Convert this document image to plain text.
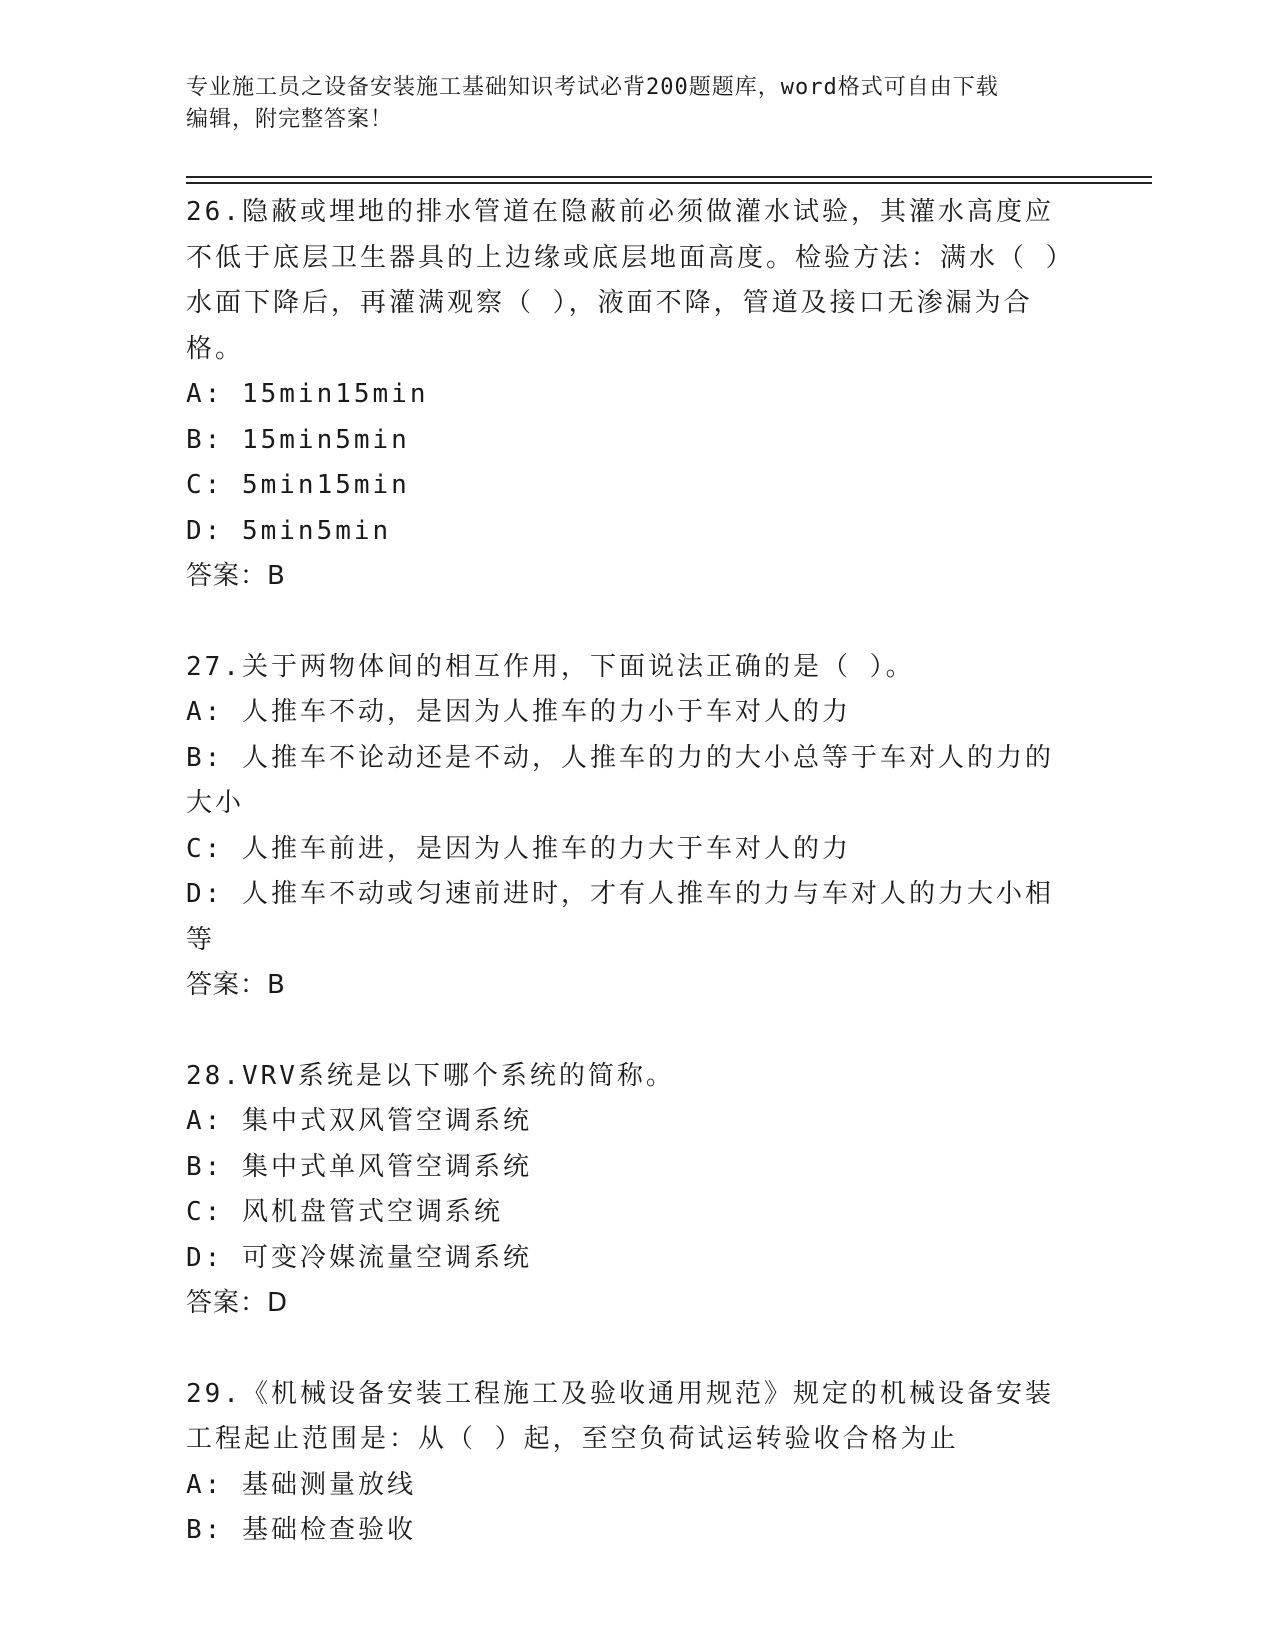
专业施工员之设备安装施工基础知识考试必背200题题库，word格式可自由下载
编辑，附完整答案！

26.隐蔽或埋地的排水管道在隐蔽前必须做灌水试验，其灌水高度应不低于底层卫生器具的上边缘或底层地面高度。检验方法：满水（ ）水面下降后，再灌满观察（ ），液面不降，管道及接口无渗漏为合格。

A: 15min15min

B: 15min5min

C: 5min15min

D: 5min5min

答案：B

27.关于两物体间的相互作用，下面说法正确的是（ ）。

A: 人推车不动，是因为人推车的力小于车对人的力

B: 人推车不论动还是不动，人推车的力的大小总等于车对人的力的大小

C: 人推车前进，是因为人推车的力大于车对人的力

D: 人推车不动或匀速前进时，才有人推车的力与车对人的力大小相等

答案：B

28.VRV系统是以下哪个系统的简称。

A: 集中式双风管空调系统

B: 集中式单风管空调系统

C: 风机盘管式空调系统

D: 可变冷媒流量空调系统

答案：D

29.《机械设备安装工程施工及验收通用规范》规定的机械设备安装工程起止范围是：从（ ）起，至空负荷试运转验收合格为止

A: 基础测量放线

B: 基础检查验收
